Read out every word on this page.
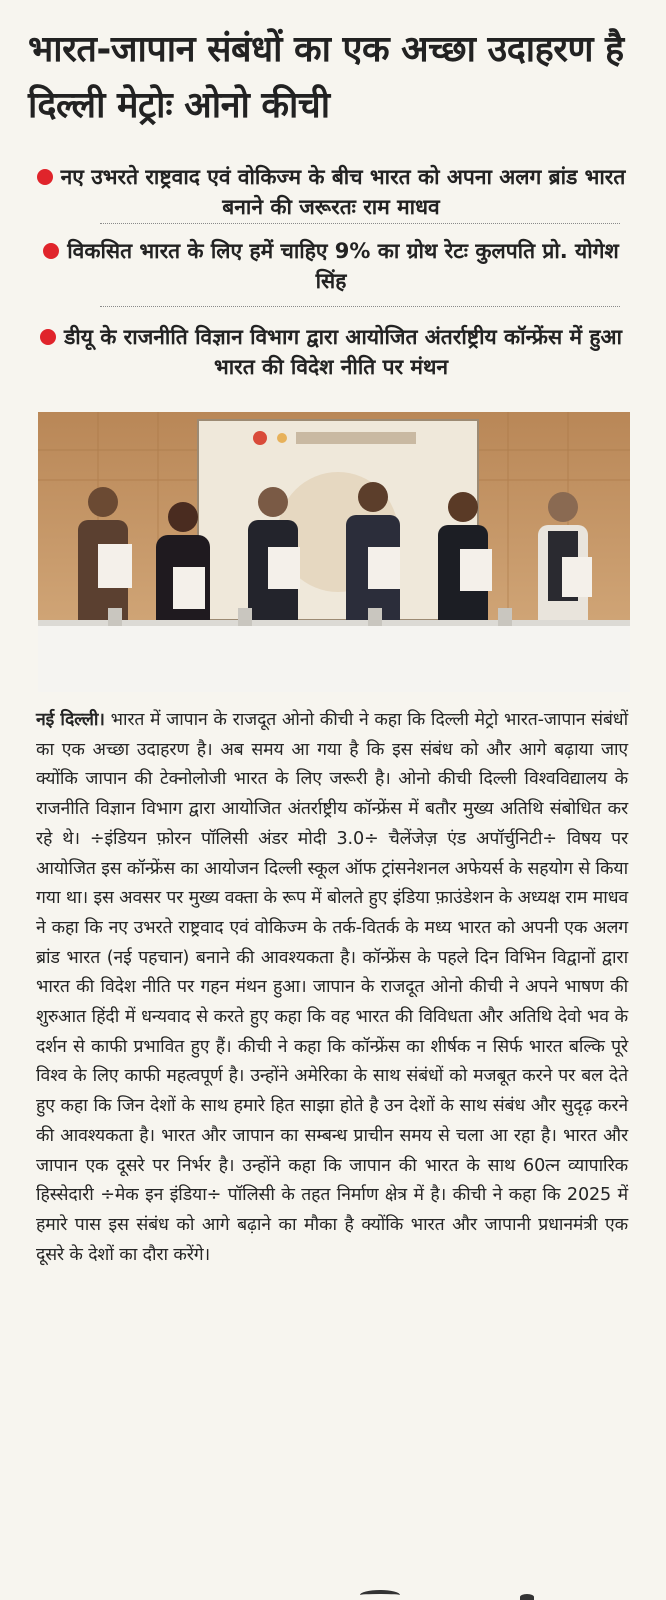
भारत-जापान संबंधों का एक अच्छा उदाहरण है दिल्ली मेट्रोः ओनो कीची
नए उभरते राष्ट्रवाद एवं वोकिज्म के बीच भारत को अपना अलग ब्रांड भारत बनाने की जरूरतः राम माधव
विकसित भारत के लिए हमें चाहिए 9% का ग्रोथ रेटः कुलपति प्रो. योगेश सिंह
डीयू के राजनीति विज्ञान विभाग द्वारा आयोजित अंतर्राष्ट्रीय कॉन्फ्रेंस में हुआ भारत की विदेश नीति पर मंथन
नई दिल्ली। भारत में जापान के राजदूत ओनो कीची ने कहा कि दिल्ली मेट्रो भारत-जापान संबंधों का एक अच्छा उदाहरण है। अब समय आ गया है कि इस संबंध को और आगे बढ़ाया जाए क्योंकि जापान की टेक्नोलोजी भारत के लिए जरूरी है। ओनो कीची दिल्ली विश्वविद्यालय के राजनीति विज्ञान विभाग द्वारा आयोजित अंतर्राष्ट्रीय कॉन्फ्रेंस में बतौर मुख्य अतिथि संबोधित कर रहे थे। ÷इंडियन फ़ोरन पॉलिसी अंडर मोदी 3.0÷ चैलेंजेज़ एंड अपॉर्चुनिटी÷ विषय पर आयोजित इस कॉन्फ्रेंस का आयोजन दिल्ली स्कूल ऑफ ट्रांसनेशनल अफेयर्स के सहयोग से किया गया था। इस अवसर पर मुख्य वक्ता के रूप में बोलते हुए इंडिया फ़ाउंडेशन के अध्यक्ष राम माधव ने कहा कि नए उभरते राष्ट्रवाद एवं वोकिज्म के तर्क-वितर्क के मध्य भारत को अपनी एक अलग ब्रांड भारत (नई पहचान) बनाने की आवश्यकता है। कॉन्फ्रेंस के पहले दिन विभिन विद्वानों द्वारा भारत की विदेश नीति पर गहन मंथन हुआ। जापान के राजदूत ओनो कीची ने अपने भाषण की शुरुआत हिंदी में धन्यवाद से करते हुए कहा कि वह भारत की विविधता और अतिथि देवो भव के दर्शन से काफी प्रभावित हुए हैं। कीची ने कहा कि कॉन्फ्रेंस का शीर्षक न सिर्फ भारत बल्कि पूरे विश्व के लिए काफी महत्वपूर्ण है। उन्होंने अमेरिका के साथ संबंधों को मजबूत करने पर बल देते हुए कहा कि जिन देशों के साथ हमारे हित साझा होते है उन देशों के साथ संबंध और सुदृढ़ करने की आवश्यकता है। भारत और जापान का सम्बन्ध प्राचीन समय से चला आ रहा है। भारत और जापान एक दूसरे पर निर्भर है। उन्होंने कहा कि जापान की भारत के साथ 60त्न व्यापारिक हिस्सेदारी ÷मेक इन इंडिया÷ पॉलिसी के तहत निर्माण क्षेत्र में है। कीची ने कहा कि 2025 में हमारे पास इस संबंध को आगे बढ़ाने का मौका है क्योंकि भारत और जापानी प्रधानमंत्री एक दूसरे के देशों का दौरा करेंगे।
